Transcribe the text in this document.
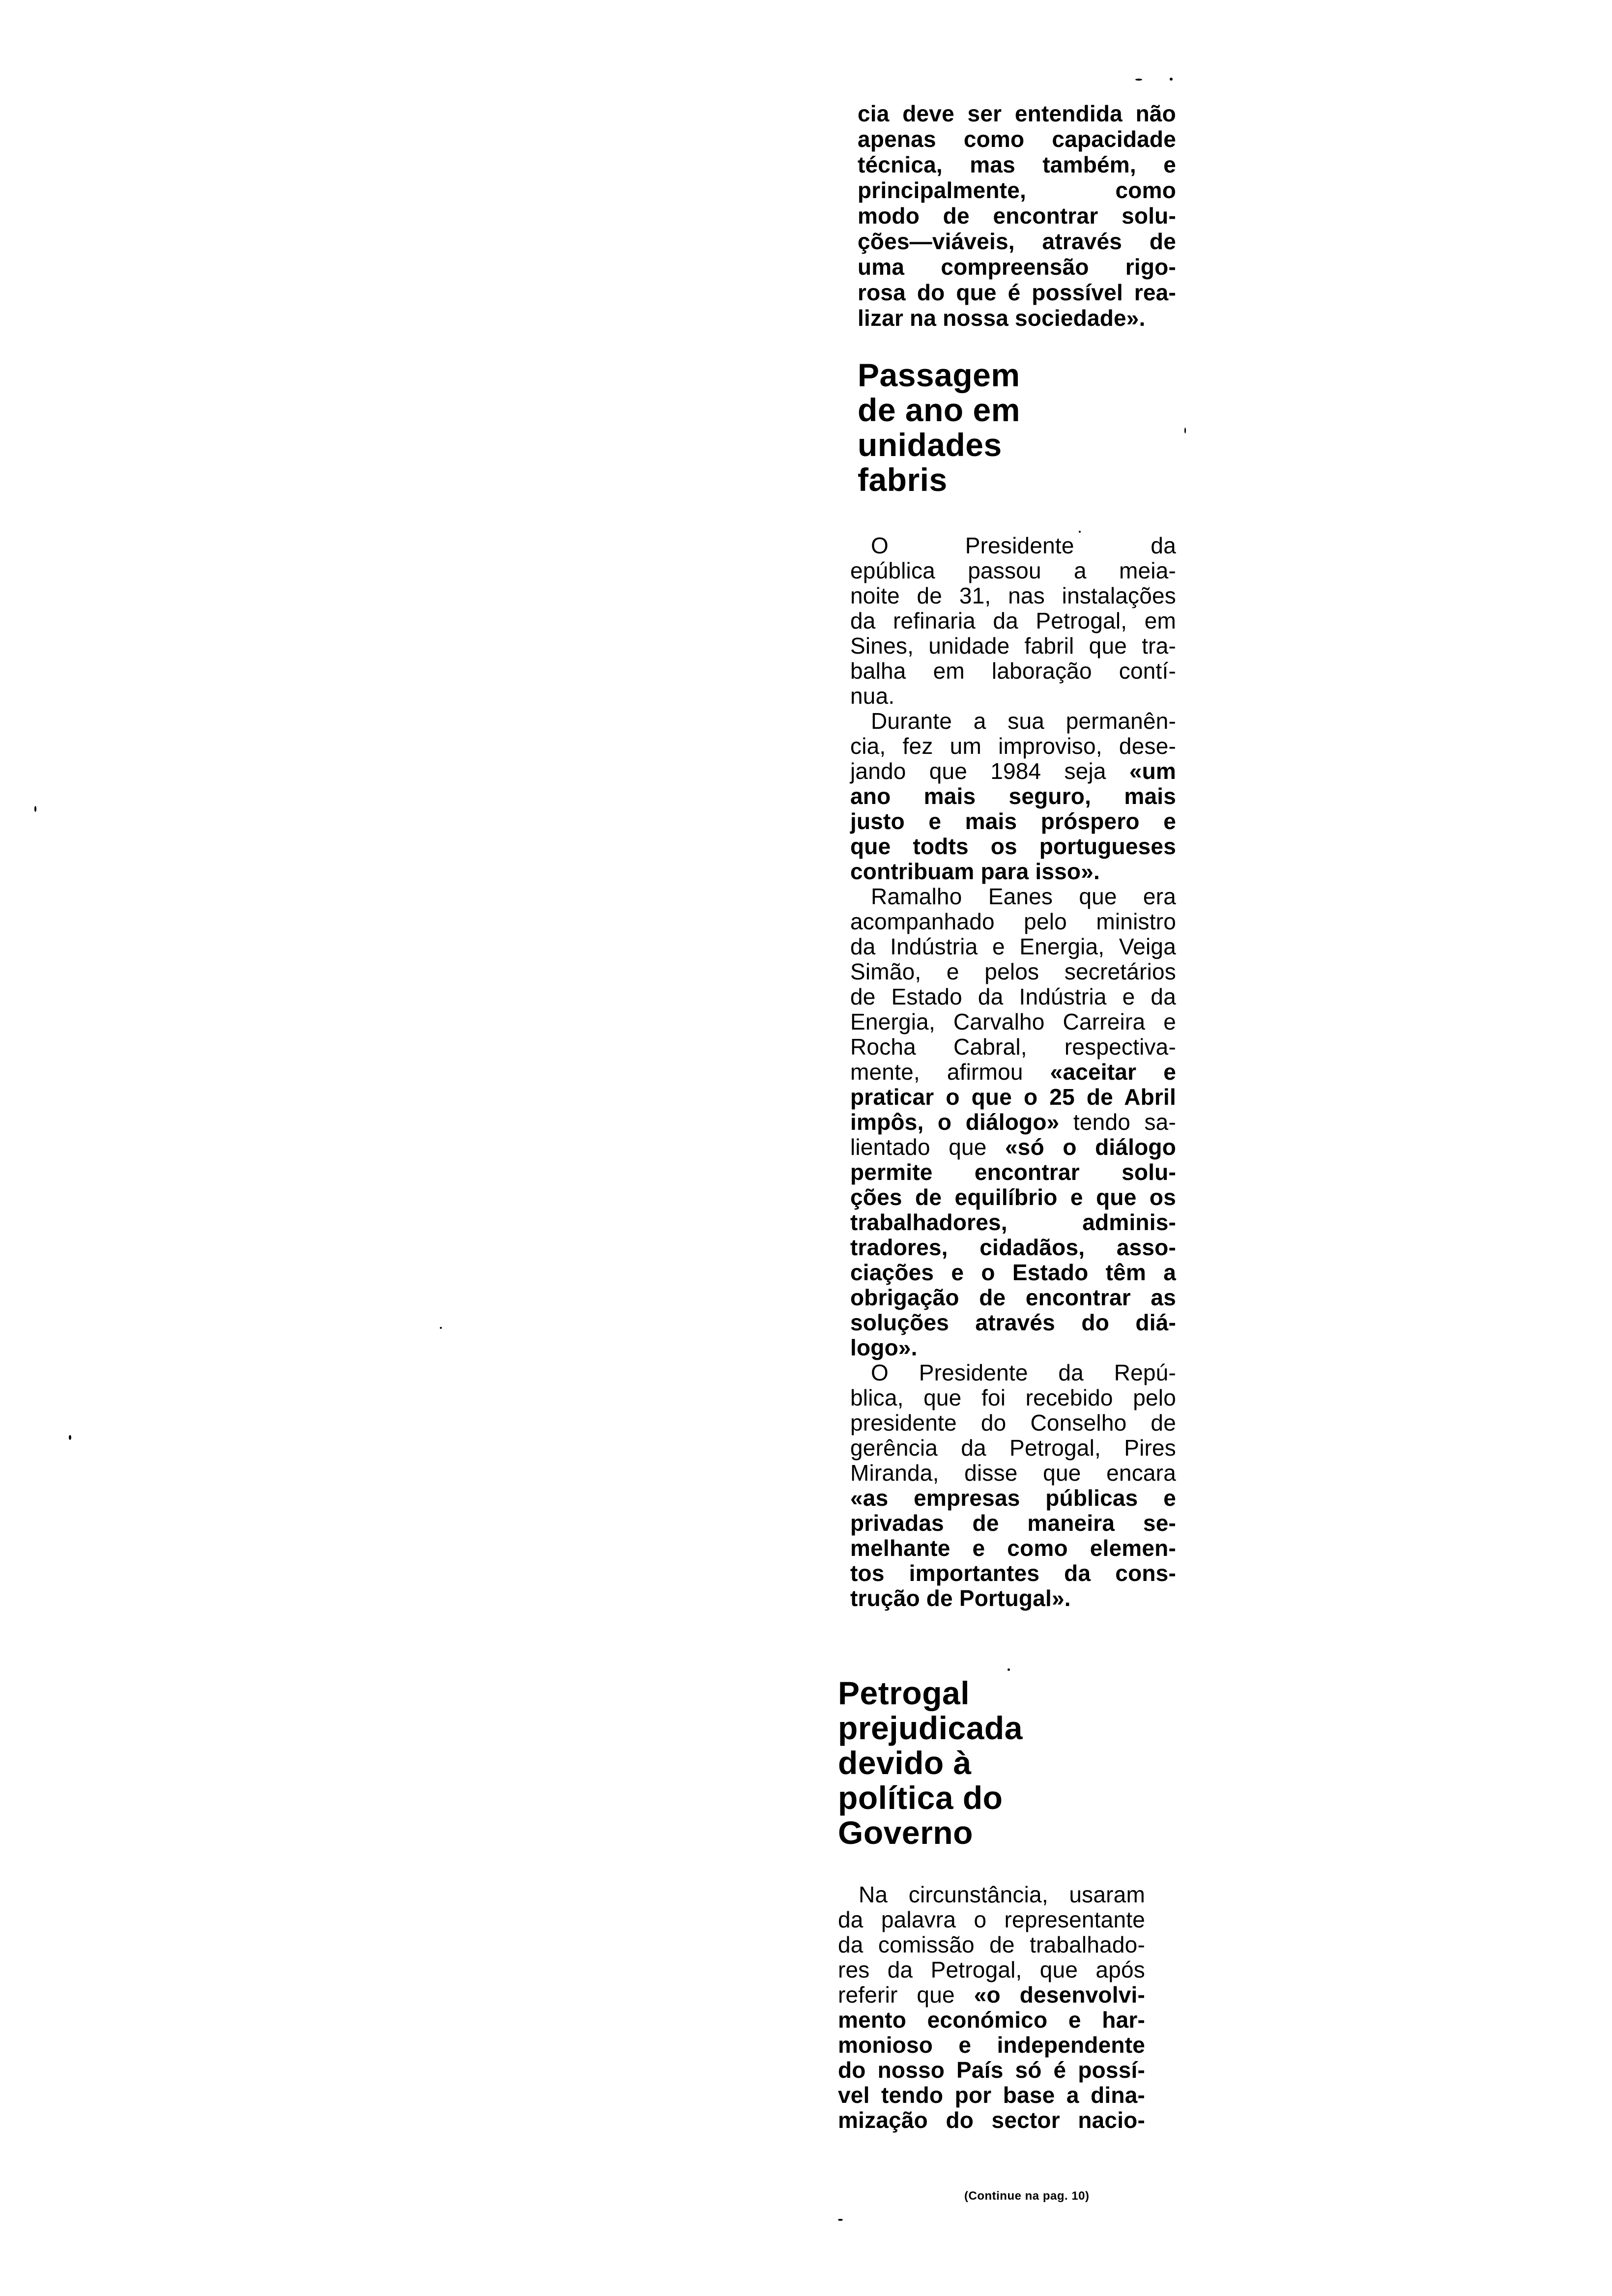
cia deve ser entendida não
apenas como capacidade
técnica, mas também, e
principalmente, como
modo de encontrar solu-
ções—viáveis, através de
uma compreensão rigo-
rosa do que é possível rea-
lizar na nossa sociedade».
Passagem
de ano em
unidades
fabris
O Presidente da
epública passou a meia-
noite de 31, nas instalações
da refinaria da Petrogal, em
Sines, unidade fabril que tra-
balha em laboração contí-
nua.
Durante a sua permanên-
cia, fez um improviso, dese-
jando que 1984 seja «um
ano mais seguro, mais
justo e mais próspero e
que todts os portugueses
contribuam para isso».
Ramalho Eanes que era
acompanhado pelo ministro
da Indústria e Energia, Veiga
Simão, e pelos secretários
de Estado da Indústria e da
Energia, Carvalho Carreira e
Rocha Cabral, respectiva-
mente, afirmou «aceitar e
praticar o que o 25 de Abril
impôs, o diálogo» tendo sa-
lientado que «só o diálogo
permite encontrar solu-
ções de equilíbrio e que os
trabalhadores, adminis-
tradores, cidadãos, asso-
ciações e o Estado têm a
obrigação de encontrar as
soluções através do diá-
logo».
O Presidente da Repú-
blica, que foi recebido pelo
presidente do Conselho de
gerência da Petrogal, Pires
Miranda, disse que encara
«as empresas públicas e
privadas de maneira se-
melhante e como elemen-
tos importantes da cons-
trução de Portugal».
Petrogal
prejudicada
devido à
política do
Governo
Na circunstância, usaram
da palavra o representante
da comissão de trabalhado-
res da Petrogal, que após
referir que «o desenvolvi-
mento económico e har-
monioso e independente
do nosso País só é possí-
vel tendo por base a dina-
mização do sector nacio-
(Continue na pag. 10)
